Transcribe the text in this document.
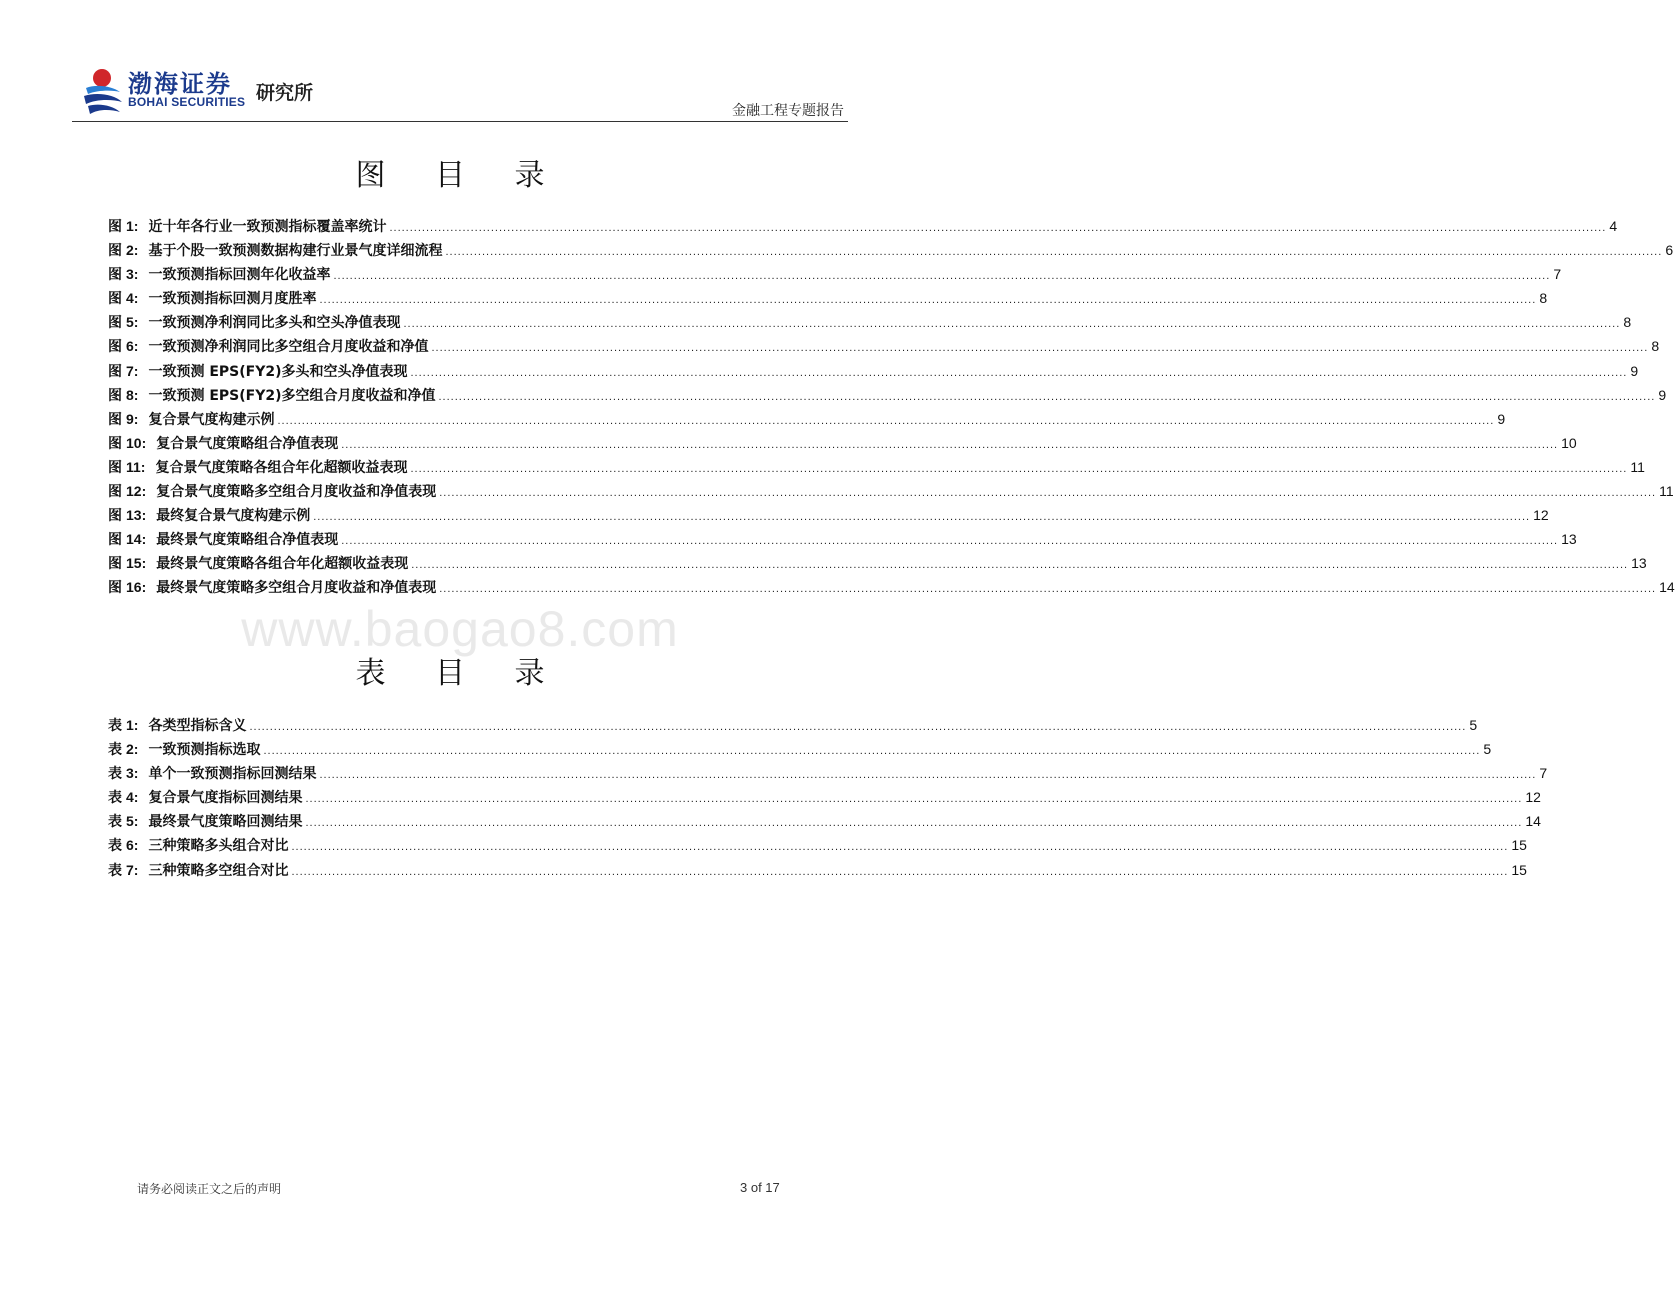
渤海证券
BOHAI SECURITIES 研究所
金融工程专题报告
图 目 录
图 1: 近十年各行业一致预测指标覆盖率统计 ............................................................................................................................................................................................................................................................................................................ 4
图 2: 基于个股一致预测数据构建行业景气度详细流程 ............................................................................................................................................................................................................................................................................................................ 6
图 3: 一致预测指标回测年化收益率 ............................................................................................................................................................................................................................................................................................................ 7
图 4: 一致预测指标回测月度胜率 ............................................................................................................................................................................................................................................................................................................ 8
图 5: 一致预测净利润同比多头和空头净值表现 ............................................................................................................................................................................................................................................................................................................ 8
图 6: 一致预测净利润同比多空组合月度收益和净值 ............................................................................................................................................................................................................................................................................................................ 8
图 7: 一致预测 EPS(FY2)多头和空头净值表现 ............................................................................................................................................................................................................................................................................................................ 9
图 8: 一致预测 EPS(FY2)多空组合月度收益和净值 ............................................................................................................................................................................................................................................................................................................ 9
图 9: 复合景气度构建示例 ............................................................................................................................................................................................................................................................................................................ 9
图 10: 复合景气度策略组合净值表现 ............................................................................................................................................................................................................................................................................................................ 10
图 11: 复合景气度策略各组合年化超额收益表现 ............................................................................................................................................................................................................................................................................................................ 11
图 12: 复合景气度策略多空组合月度收益和净值表现 ............................................................................................................................................................................................................................................................................................................ 11
图 13: 最终复合景气度构建示例 ............................................................................................................................................................................................................................................................................................................ 12
图 14: 最终景气度策略组合净值表现 ............................................................................................................................................................................................................................................................................................................ 13
图 15: 最终景气度策略各组合年化超额收益表现 ............................................................................................................................................................................................................................................................................................................ 13
图 16: 最终景气度策略多空组合月度收益和净值表现 ............................................................................................................................................................................................................................................................................................................ 14
www.baogao8.com
表 目 录
表 1: 各类型指标含义 ............................................................................................................................................................................................................................................................................................................ 5
表 2: 一致预测指标选取 ............................................................................................................................................................................................................................................................................................................ 5
表 3: 单个一致预测指标回测结果 ............................................................................................................................................................................................................................................................................................................ 7
表 4: 复合景气度指标回测结果 ............................................................................................................................................................................................................................................................................................................ 12
表 5: 最终景气度策略回测结果 ............................................................................................................................................................................................................................................................................................................ 14
表 6: 三种策略多头组合对比 ............................................................................................................................................................................................................................................................................................................ 15
表 7: 三种策略多空组合对比 ............................................................................................................................................................................................................................................................................................................ 15
请务必阅读正文之后的声明	3 of 17
